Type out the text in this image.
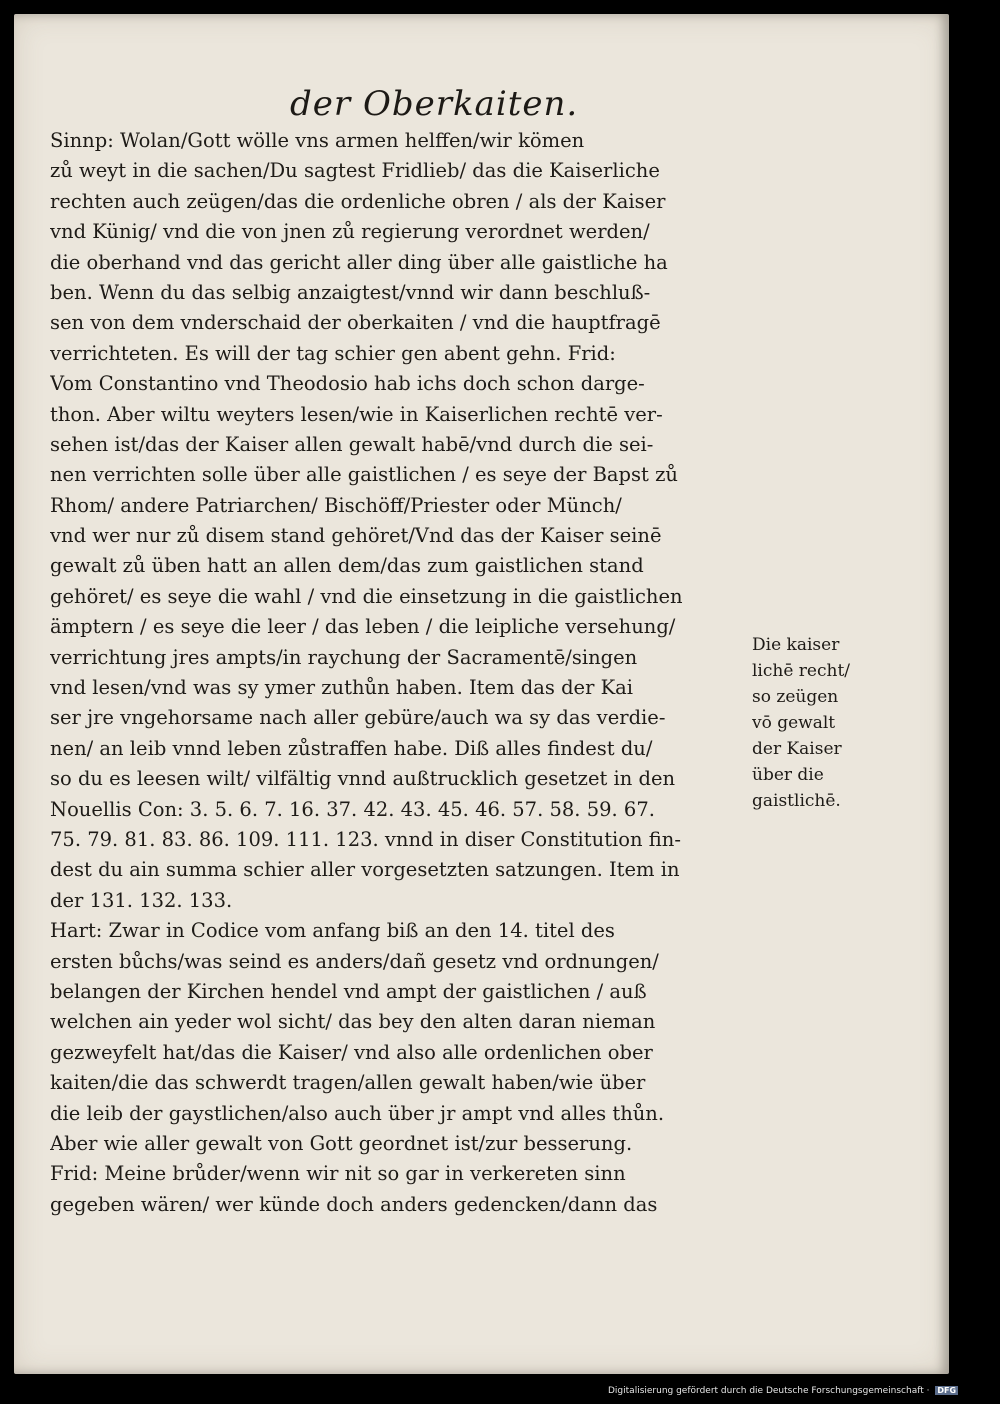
der Oberkaiten.
Sinnp: Wolan/Gott wölle vns armen helffen/wir kömen
zů weyt in die sachen/Du sagtest Fridlieb/ das die Kaiserliche
rechten auch zeügen/das die ordenliche obren / als der Kaiser
vnd Künig/ vnd die von jnen zů regierung verordnet werden/
die oberhand vnd das gericht aller ding über alle gaistliche ha
ben. Wenn du das selbig anzaigtest/vnnd wir dann beschluß-
sen von dem vnderschaid der oberkaiten / vnd die hauptfragē
verrichteten. Es will der tag schier gen abent gehn. Frid:
Vom Constantino vnd Theodosio hab ichs doch schon darge-
thon. Aber wiltu weyters lesen/wie in Kaiserlichen rechtē ver-
sehen ist/das der Kaiser allen gewalt habē/vnd durch die sei-
nen verrichten solle über alle gaistlichen / es seye der Bapst zů
Rhom/ andere Patriarchen/ Bischöff/Priester oder Münch/
vnd wer nur zů disem stand gehöret/Vnd das der Kaiser seinē
gewalt zů üben hatt an allen dem/das zum gaistlichen stand
gehöret/ es seye die wahl / vnd die einsetzung in die gaistlichen
ämptern / es seye die leer / das leben / die leipliche versehung/
verrichtung jres ampts/in raychung der Sacramentē/singen
vnd lesen/vnd was sy ymer zuthůn haben. Item das der Kai
ser jre vngehorsame nach aller gebüre/auch wa sy das verdie-
nen/ an leib vnnd leben zůstraffen habe. Diß alles findest du/
so du es leesen wilt/ vilfältig vnnd außtrucklich gesetzet in den
Nouellis Con: 3. 5. 6. 7. 16. 37. 42. 43. 45. 46. 57. 58. 59. 67.
75. 79. 81. 83. 86. 109. 111. 123. vnnd in diser Constitution fin-
dest du ain summa schier aller vorgesetzten satzungen. Item in
der 131. 132. 133.
Hart: Zwar in Codice vom anfang biß an den 14. titel des
ersten bůchs/was seind es anders/dañ gesetz vnd ordnungen/
belangen der Kirchen hendel vnd ampt der gaistlichen / auß
welchen ain yeder wol sicht/ das bey den alten daran nieman
gezweyfelt hat/das die Kaiser/ vnd also alle ordenlichen ober
kaiten/die das schwerdt tragen/allen gewalt haben/wie über
die leib der gaystlichen/also auch über jr ampt vnd alles thůn.
Aber wie aller gewalt von Gott geordnet ist/zur besserung.
Frid: Meine brůder/wenn wir nit so gar in verkereten sinn
gegeben wären/ wer künde doch anders gedencken/dann das
Die kaiser
lichē recht/
so zeügen
vō gewalt
der Kaiser
über die
gaistlichē.
Digitalisierung gefördert durch die Deutsche Forschungsgemeinschaft · DFG
